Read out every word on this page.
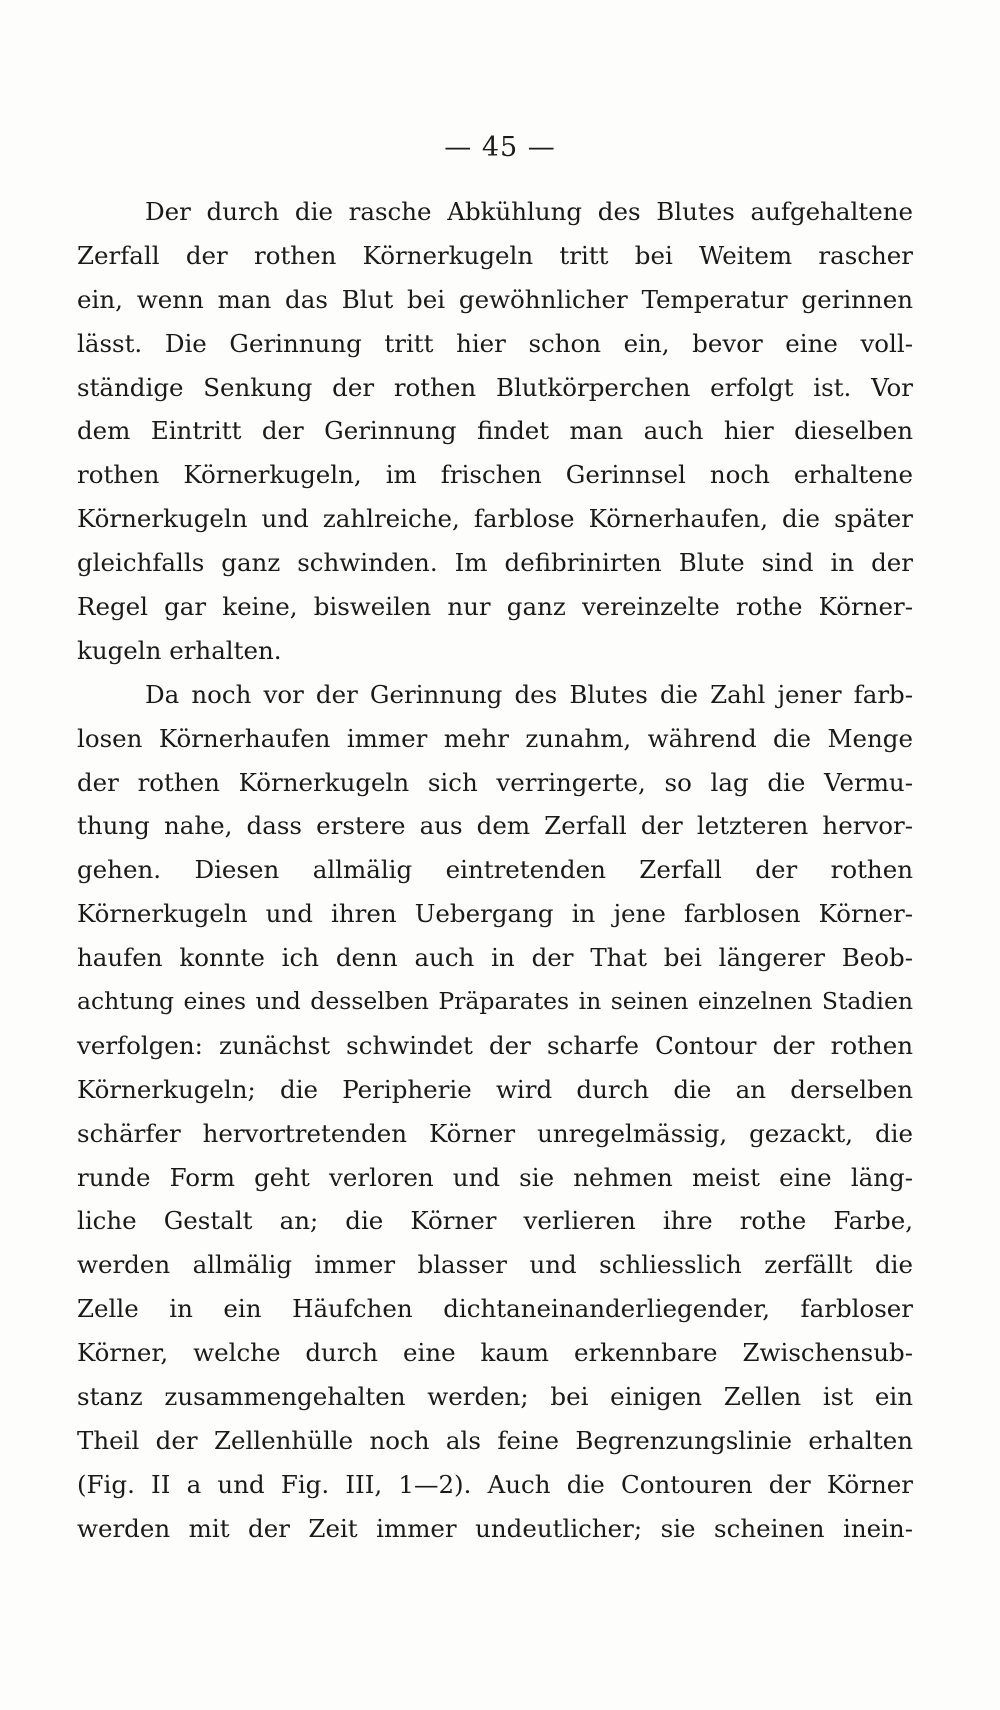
— 45 —
Der durch die rasche Abkühlung des Blutes aufgehaltene
Zerfall der rothen Körnerkugeln tritt bei Weitem rascher
ein, wenn man das Blut bei gewöhnlicher Temperatur gerinnen
lässt. Die Gerinnung tritt hier schon ein, bevor eine voll-
ständige Senkung der rothen Blutkörperchen erfolgt ist. Vor
dem Eintritt der Gerinnung findet man auch hier dieselben
rothen Körnerkugeln, im frischen Gerinnsel noch erhaltene
Körnerkugeln und zahlreiche, farblose Körnerhaufen, die später
gleichfalls ganz schwinden. Im defibrinirten Blute sind in der
Regel gar keine, bisweilen nur ganz vereinzelte rothe Körner-
kugeln erhalten.
Da noch vor der Gerinnung des Blutes die Zahl jener farb-
losen Körnerhaufen immer mehr zunahm, während die Menge
der rothen Körnerkugeln sich verringerte, so lag die Vermu-
thung nahe, dass erstere aus dem Zerfall der letzteren hervor-
gehen. Diesen allmälig eintretenden Zerfall der rothen
Körnerkugeln und ihren Uebergang in jene farblosen Körner-
haufen konnte ich denn auch in der That bei längerer Beob-
achtung eines und desselben Präparates in seinen einzelnen Stadien
verfolgen: zunächst schwindet der scharfe Contour der rothen
Körnerkugeln; die Peripherie wird durch die an derselben
schärfer hervortretenden Körner unregelmässig, gezackt, die
runde Form geht verloren und sie nehmen meist eine läng-
liche Gestalt an; die Körner verlieren ihre rothe Farbe,
werden allmälig immer blasser und schliesslich zerfällt die
Zelle in ein Häufchen dichtaneinanderliegender, farbloser
Körner, welche durch eine kaum erkennbare Zwischensub-
stanz zusammengehalten werden; bei einigen Zellen ist ein
Theil der Zellenhülle noch als feine Begrenzungslinie erhalten
(Fig. II a und Fig. III, 1—2). Auch die Contouren der Körner
werden mit der Zeit immer undeutlicher; sie scheinen inein-
